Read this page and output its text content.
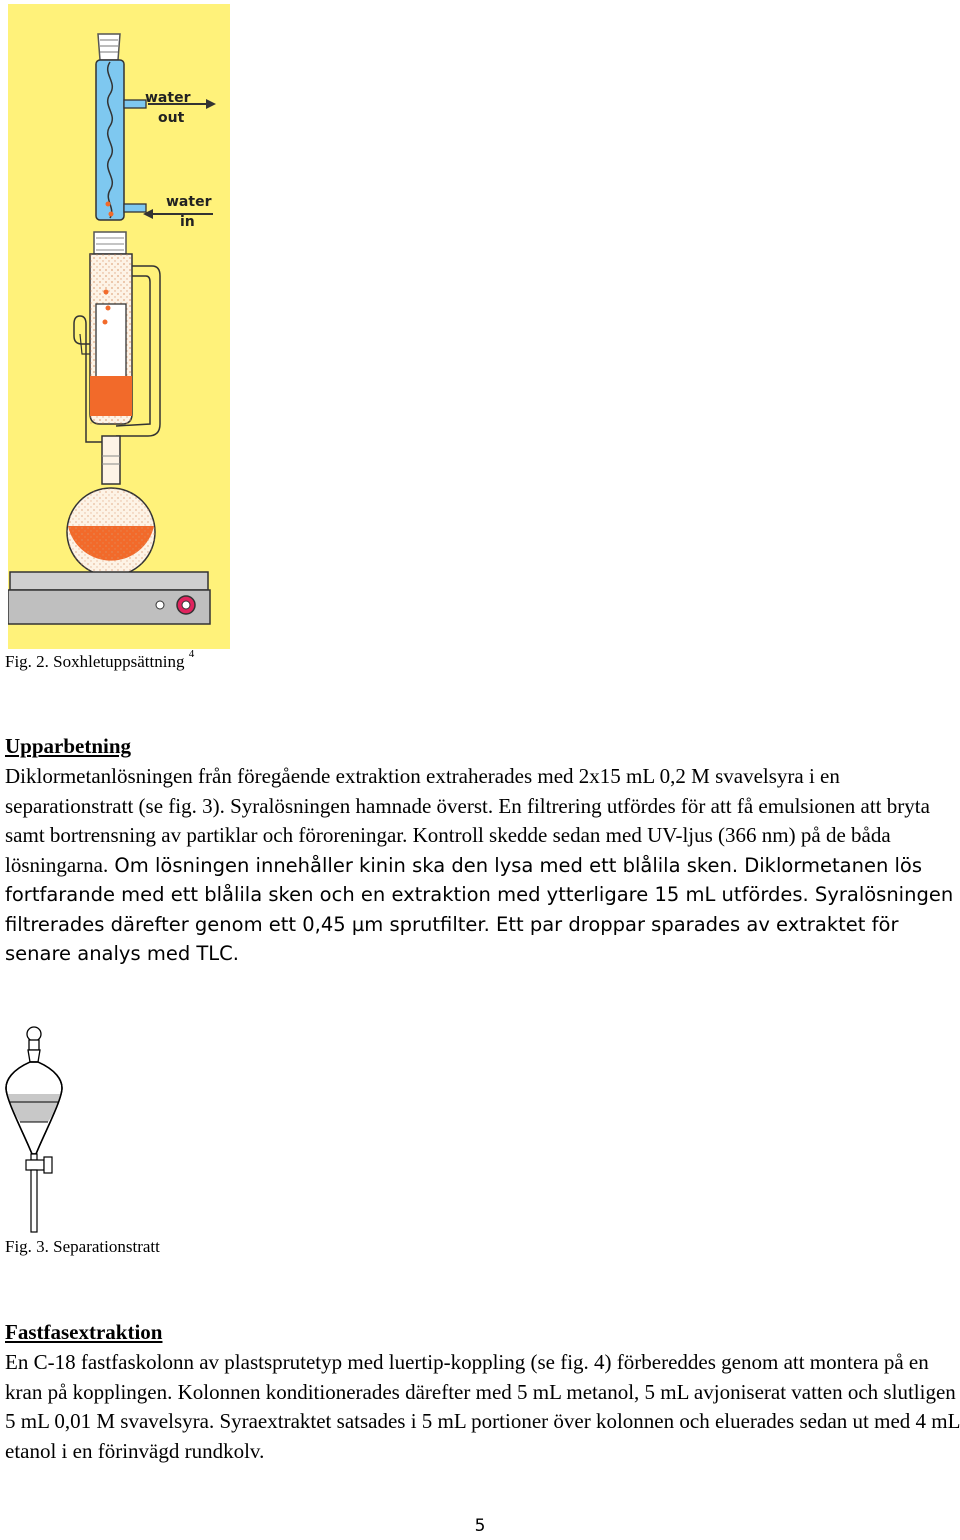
water
out
water
in
Fig. 2. Soxhletuppsättning $^4$
Upparbetning
Diklormetanlösningen från föregående extraktion extraherades med 2x15 mL 0,2 M svavelsyra i en separationstratt (se fig. 3). Syralösningen hamnade överst. En filtrering utfördes för att få emulsionen att bryta samt bortrensning av partiklar och föroreningar. Kontroll skedde sedan med UV-ljus (366 nm) på de båda lösningarna. Om lösningen innehåller kinin ska den lysa med ett blålila sken. Diklormetanen lös fortfarande med ett blålila sken och en extraktion med ytterligare 15 mL utfördes. Syralösningen filtrerades därefter genom ett 0,45 µm sprutfilter. Ett par droppar sparades av extraktet för senare analys med TLC.
Fig. 3. Separationstratt
Fastfasextraktion
En C-18 fastfaskolonn av plastsprutetyp med luertip-koppling (se fig. 4) förbereddes genom att montera på en kran på kopplingen. Kolonnen konditionerades därefter med 5 mL metanol, 5 mL avjoniserat vatten och slutligen 5 mL 0,01 M svavelsyra. Syraextraktet satsades i 5 mL portioner över kolonnen och eluerades sedan ut med 4 mL etanol i en förinvägd rundkolv.
5
